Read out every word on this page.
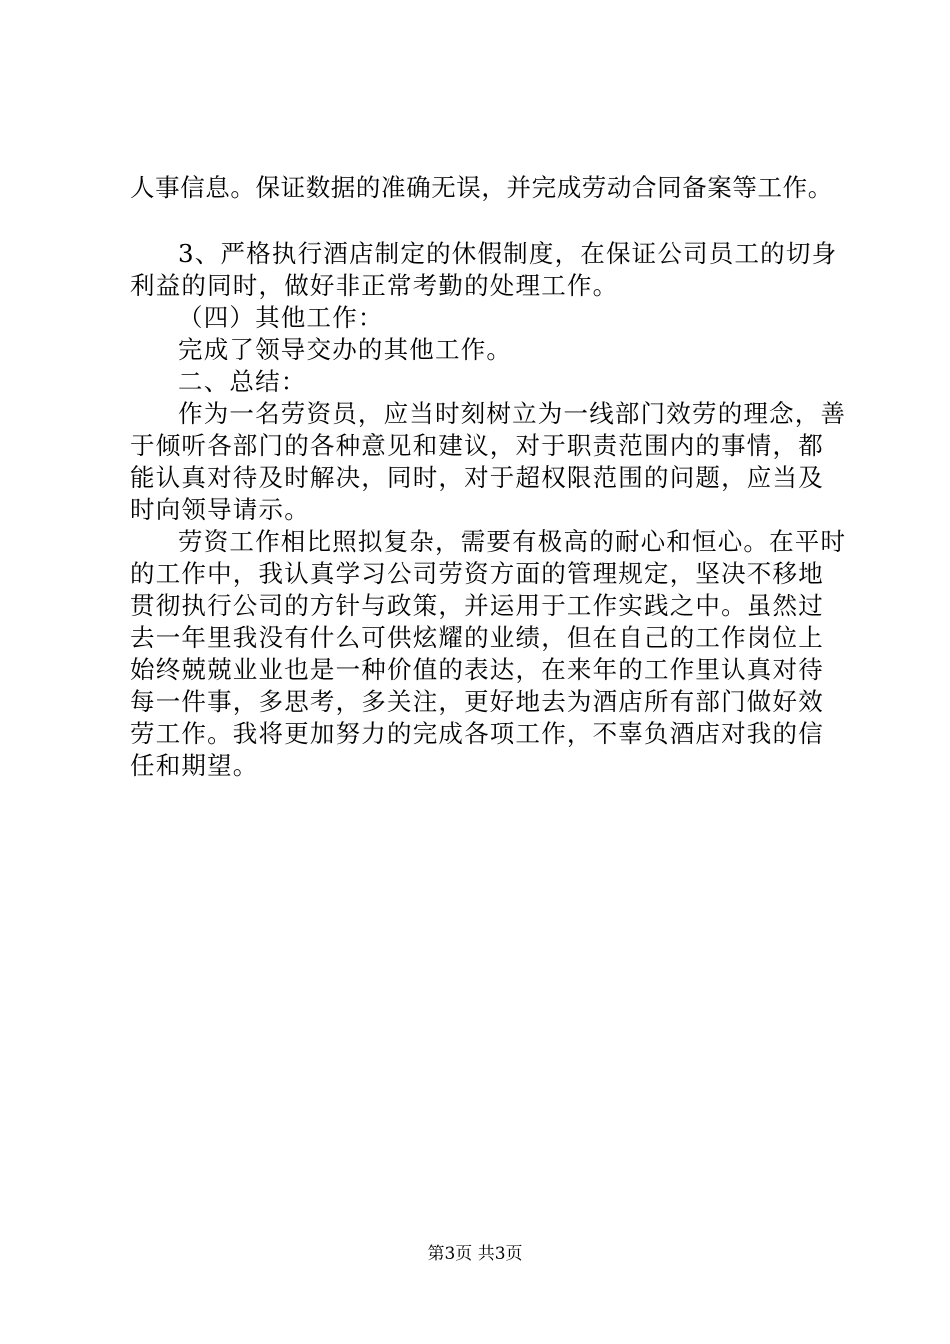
人事信息。保证数据的准确无误，并完成劳动合同备案等工作。
3、严格执行酒店制定的休假制度，在保证公司员工的切身
利益的同时，做好非正常考勤的处理工作。
（四）其他工作：
完成了领导交办的其他工作。
二、总结：
作为一名劳资员，应当时刻树立为一线部门效劳的理念，善
于倾听各部门的各种意见和建议，对于职责范围内的事情，都
能认真对待及时解决，同时，对于超权限范围的问题，应当及
时向领导请示。
劳资工作相比照拟复杂，需要有极高的耐心和恒心。在平时
的工作中，我认真学习公司劳资方面的管理规定，坚决不移地
贯彻执行公司的方针与政策，并运用于工作实践之中。虽然过
去一年里我没有什么可供炫耀的业绩，但在自己的工作岗位上
始终兢兢业业也是一种价值的表达，在来年的工作里认真对待
每一件事，多思考，多关注，更好地去为酒店所有部门做好效
劳工作。我将更加努力的完成各项工作，不辜负酒店对我的信
任和期望。
第3页 共3页
